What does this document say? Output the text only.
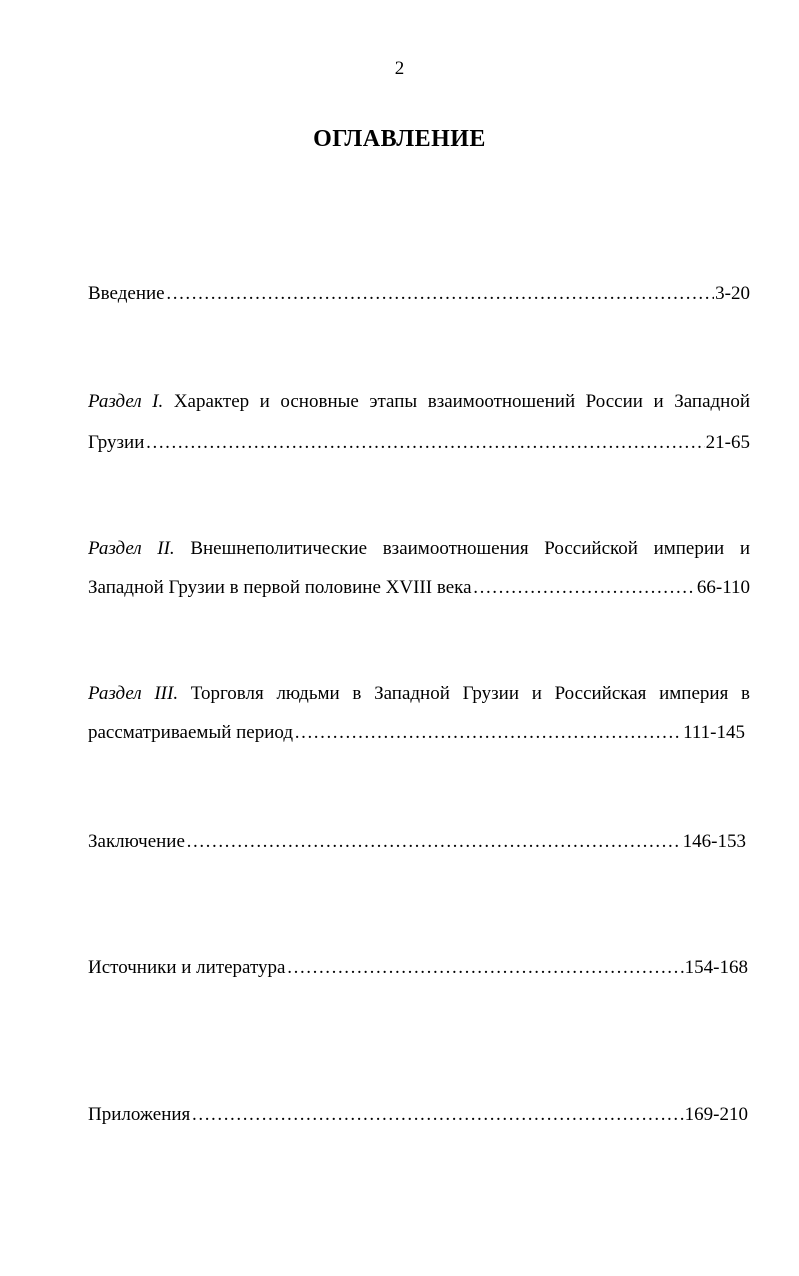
2
ОГЛАВЛЕНИЕ
Введение ……………………………………………………………………………………………………………………………………………………………	3-20
Раздел I. Характер и основные этапы взаимоотношений России и Западной
Грузии ……………………………………………………………………………………………………………………………………………………………	21-65
Раздел II. Внешнеполитические взаимоотношения Российской империи и
Западной Грузии в первой половине XVIII века ……………………………………………………………………………………………………………………………………………………………	66-110
Раздел III. Торговля людьми в Западной Грузии и Российская империя в
рассматриваемый период ……………………………………………………………………………………………………………………………………………………………	111-145
Заключение ……………………………………………………………………………………………………………………………………………………………	146-153
Источники и литература ……………………………………………………………………………………………………………………………………………………………	154-168
Приложения ……………………………………………………………………………………………………………………………………………………………	169-210
